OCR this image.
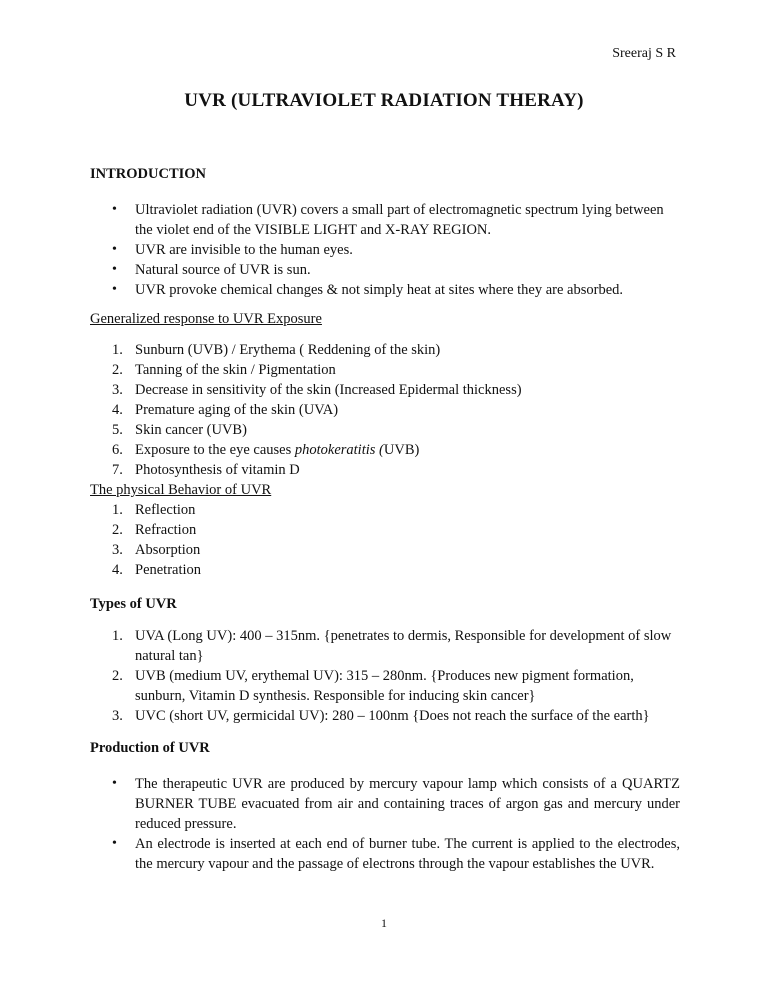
Sreeraj S R
UVR (ULTRAVIOLET RADIATION THERAY)

INTRODUCTION

• Ultraviolet radiation (UVR) covers a small part of electromagnetic spectrum lying between the violet end of the VISIBLE LIGHT and X-RAY REGION.
• UVR are invisible to the human eyes.
• Natural source of UVR is sun.
• UVR provoke chemical changes & not simply heat at sites where they are absorbed.

Generalized response to UVR Exposure

1. Sunburn (UVB) / Erythema ( Reddening of the skin)
2. Tanning of the skin / Pigmentation
3. Decrease in sensitivity of the skin (Increased Epidermal thickness)
4. Premature aging of the skin (UVA)
5. Skin cancer (UVB)
6. Exposure to the eye causes photokeratitis (UVB)
7. Photosynthesis of vitamin D

The physical Behavior of UVR

1. Reflection
2. Refraction
3. Absorption
4. Penetration

Types of UVR

1. UVA (Long UV): 400 – 315nm. {penetrates to dermis, Responsible for development of slow natural tan}
2. UVB (medium UV, erythemal UV): 315 – 280nm. {Produces new pigment formation, sunburn, Vitamin D synthesis. Responsible for inducing skin cancer}
3. UVC (short UV, germicidal UV): 280 – 100nm {Does not reach the surface of the earth}

Production of UVR

• The therapeutic UVR are produced by mercury vapour lamp which consists of a QUARTZ BURNER TUBE evacuated from air and containing traces of argon gas and mercury under reduced pressure.
• An electrode is inserted at each end of burner tube. The current is applied to the electrodes, the mercury vapour and the passage of electrons through the vapour establishes the UVR.
1
